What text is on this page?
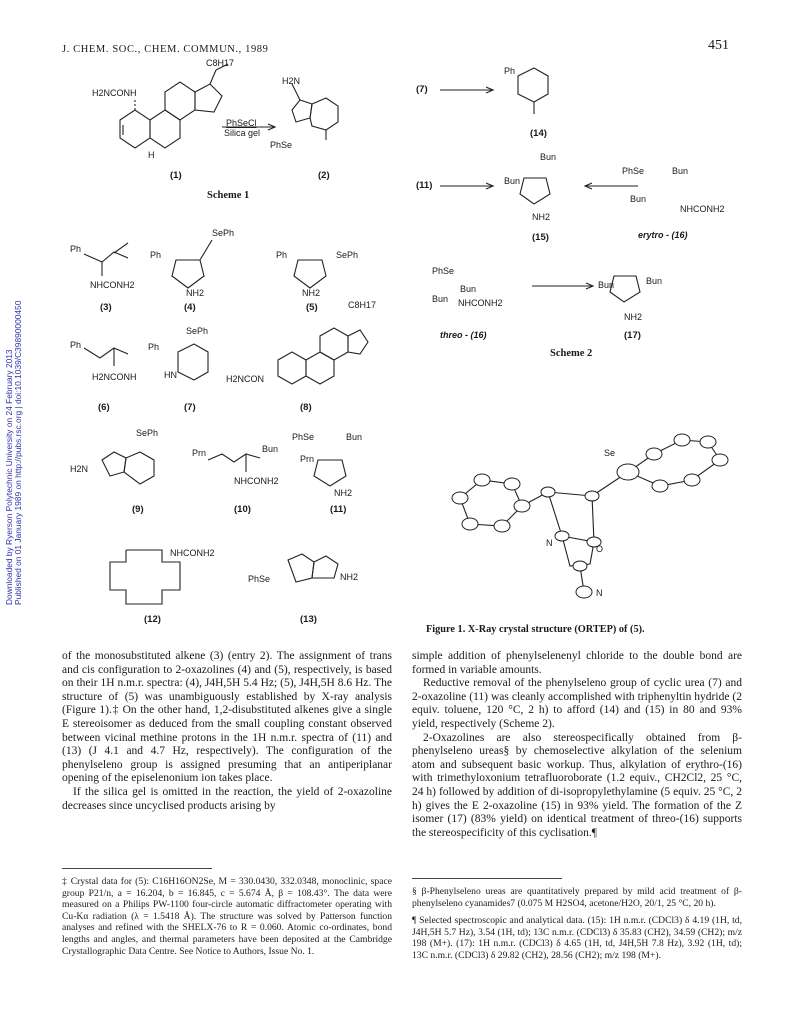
Downloaded by Ryerson Polytechnic University on 24 February 2013 Published on 01 January 1989 on http://pubs.rsc.org | doi:10.1039/C39890000450
J. CHEM. SOC., CHEM. COMMUN., 1989	451
H2NCONH
C8H17
H
PhSeCl
Silica gel
H2N
PhSe
(1)	(2)
Scheme 1
Ph
NHCONH2
(3)
Ph
SePh
NH2
(4)
Ph	SePh
NH2
(5)
Ph
H2NCONH
(6)
Ph
SePh
HN
(7)
H2NCON
C8H17
(8)
SePh
H2N
(9)
Prn	Bun
NHCONH2
(10)
PhSe	Bun
Prn
NH2
(11)
NHCONH2
(12)
PhSe	NH2
(13)
(7)
Ph
(14)
(11)
Bun
Bun
NH2
(15)
PhSe	Bun
Bun
NHCONH2
erytro - (16)
PhSe
Bun
Bun NHCONH2
threo - (16)
Bun	Bun
NH2
(17)
Scheme 2
Se
N
O
N
Figure 1. X-Ray crystal structure (ORTEP) of (5).

of the monosubstituted alkene (3) (entry 2). The assignment of trans and cis configuration to 2-oxazolines (4) and (5), respectively, is based on their 1H n.m.r. spectra: (4), J4H,5H 5.4 Hz; (5), J4H,5H 8.6 Hz. The structure of (5) was unambiguously established by X-ray analysis (Figure 1).‡ On the other hand, 1,2-disubstituted alkenes give a single E stereoisomer as deduced from the small coupling constant observed between vicinal methine protons in the 1H n.m.r. spectra of (11) and (13) (J 4.1 and 4.7 Hz, respectively). The configuration of the phenylseleno group is assigned presuming that an antiperiplanar opening of the episelenonium ion takes place.

If the silica gel is omitted in the reaction, the yield of 2-oxazoline decreases since uncyclised products arising by

simple addition of phenylselenenyl chloride to the double bond are formed in variable amounts.

Reductive removal of the phenylseleno group of cyclic urea (7) and 2-oxazoline (11) was cleanly accomplished with triphenyltin hydride (2 equiv. toluene, 120 °C, 2 h) to afford (14) and (15) in 80 and 93% yield, respectively (Scheme 2).

2-Oxazolines are also stereospecifically obtained from β-phenylseleno ureas§ by chemoselective alkylation of the selenium atom and subsequent basic workup. Thus, alkylation of erythro-(16) with trimethyloxonium tetrafluoroborate (1.2 equiv., CH2Cl2, 25 °C, 24 h) followed by addition of di-isopropylethylamine (5 equiv. 25 °C, 2 h) gives the E 2-oxazoline (15) in 93% yield. The formation of the Z isomer (17) (83% yield) on identical treatment of threo-(16) supports the stereospecificity of this cyclisation.¶

‡ Crystal data for (5): C16H16ON2Se, M = 330.0430, 332.0348, monoclinic, space group P21/n, a = 16.204, b = 16.845, c = 5.674 Å, β = 108.43°. The data were measured on a Philips PW-1100 four-circle automatic diffractometer operating with Cu-Kα radiation (λ = 1.5418 Å). The structure was solved by Patterson function analyses and refined with the SHELX-76 to R = 0.060. Atomic co-ordinates, bond lengths and angles, and thermal parameters have been deposited at the Cambridge Crystallographic Data Centre. See Notice to Authors, Issue No. 1.

§ β-Phenylseleno ureas are quantitatively prepared by mild acid treatment of β-phenylseleno cyanamides7 (0.075 M H2SO4, acetone/H2O, 20/1, 25 °C, 20 h).

¶ Selected spectroscopic and analytical data. (15): 1H n.m.r. (CDCl3) δ 4.19 (1H, td, J4H,5H 5.7 Hz), 3.54 (1H, td); 13C n.m.r. (CDCl3) δ 35.83 (CH2), 34.59 (CH2); m/z 198 (M+). (17): 1H n.m.r. (CDCl3) δ 4.65 (1H, td, J4H,5H 7.8 Hz), 3.92 (1H, td); 13C n.m.r. (CDCl3) δ 29.82 (CH2), 28.56 (CH2); m/z 198 (M+).
